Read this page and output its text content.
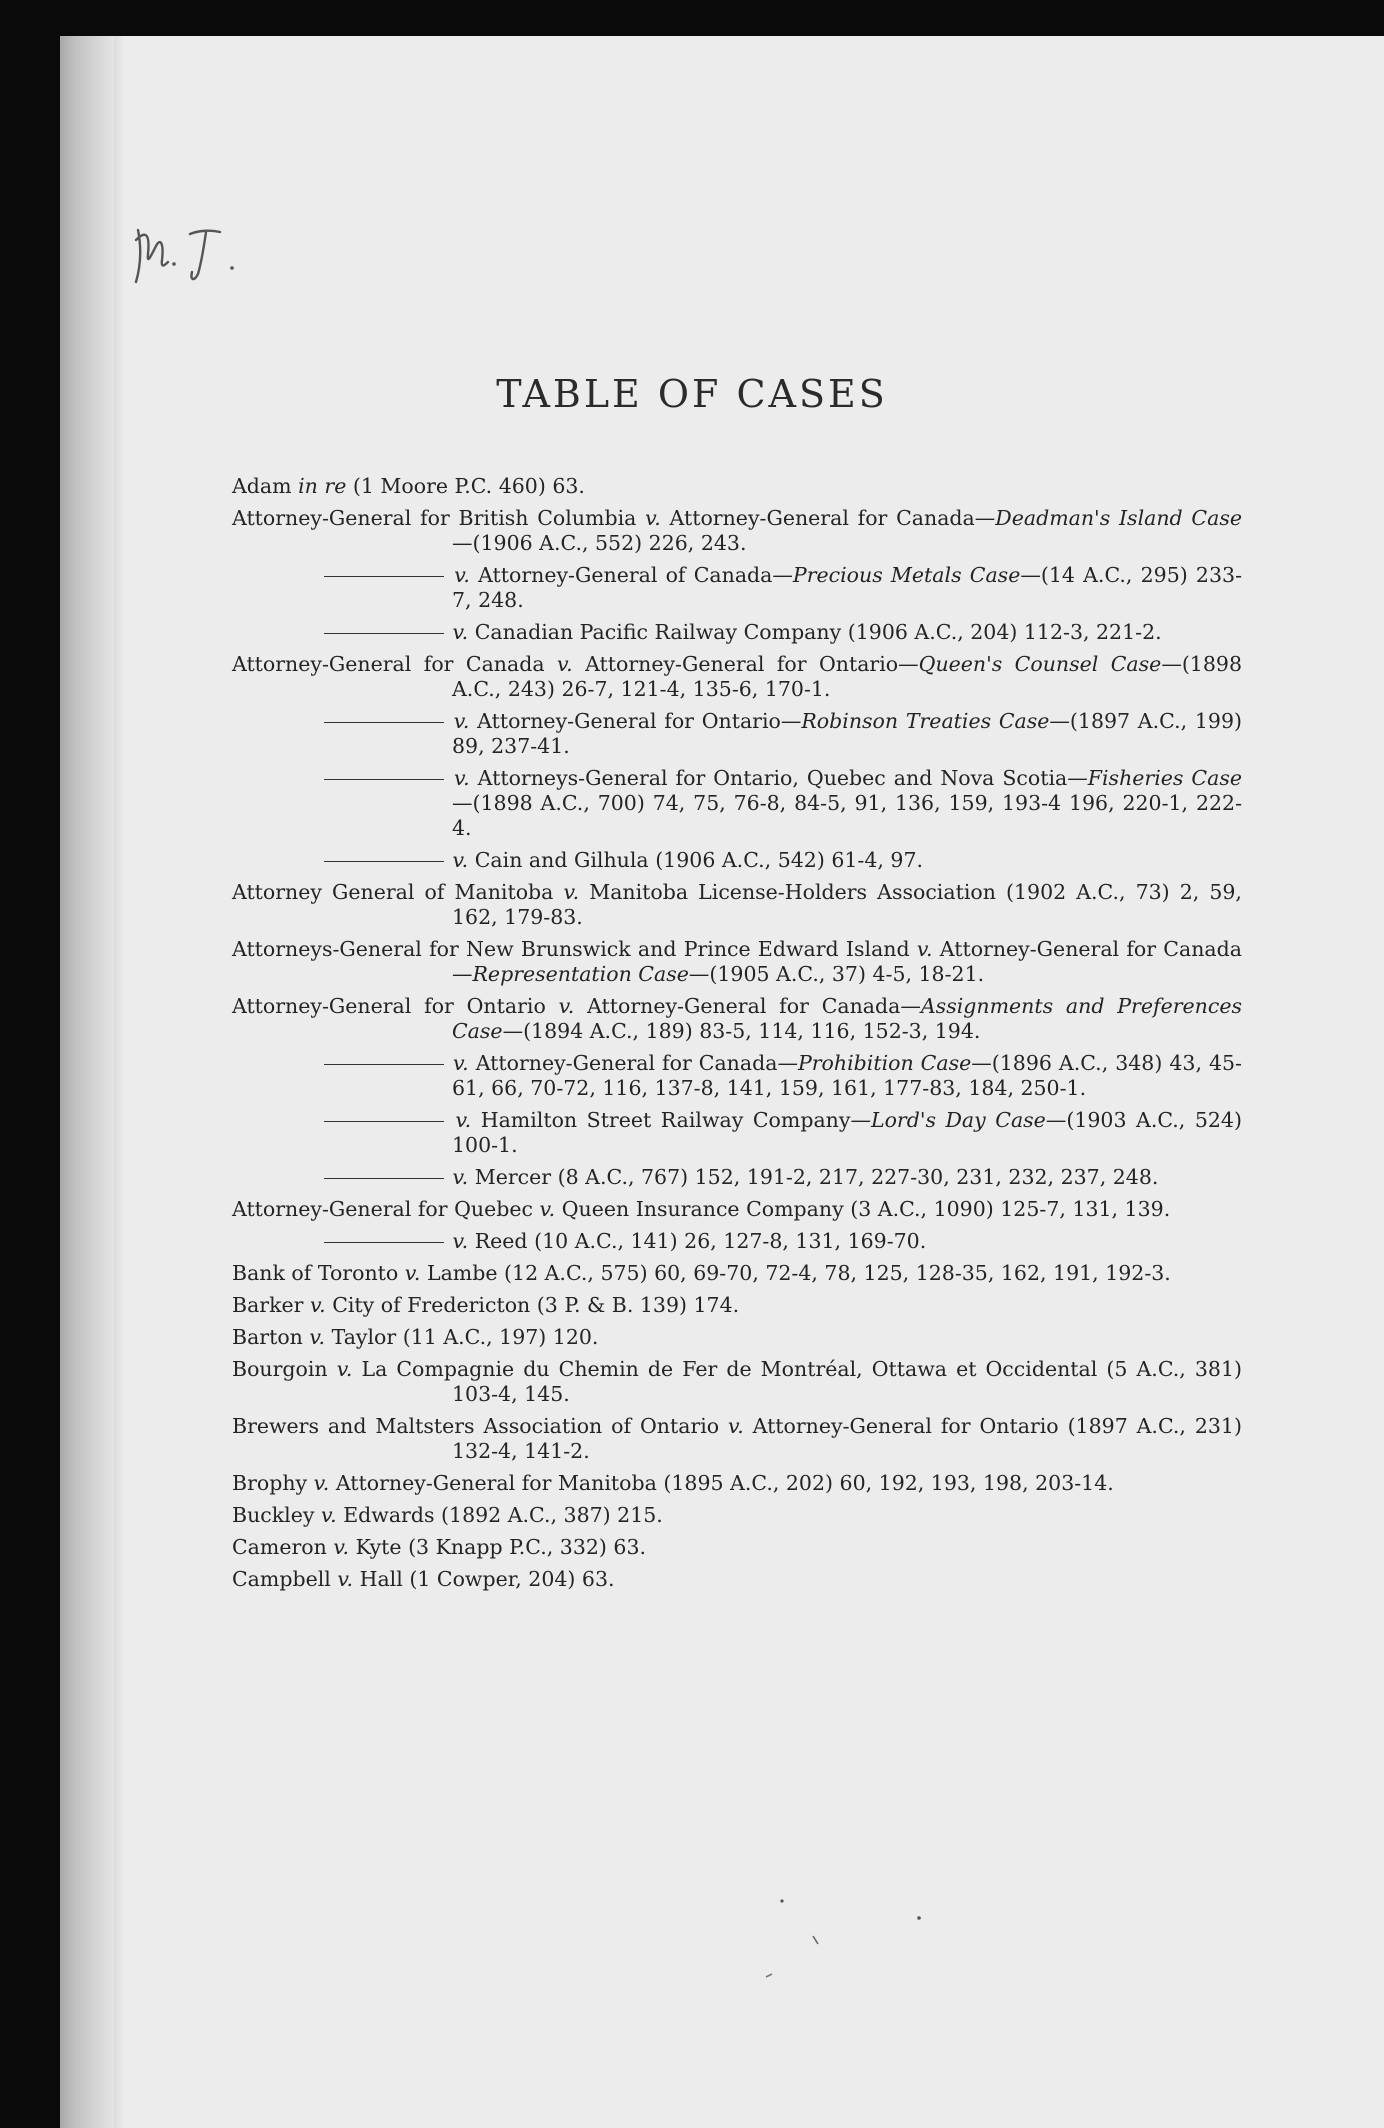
TABLE OF CASES
Adam in re (1 Moore P.C. 460) 63.
Attorney-General for British Columbia v. Attorney-General for Canada—Deadman's Island Case—(1906 A.C., 552) 226, 243.
v. Attorney-General of Canada—Precious Metals Case—(14 A.C., 295) 233-7, 248.
v. Canadian Pacific Railway Company (1906 A.C., 204) 112-3, 221-2.
Attorney-General for Canada v. Attorney-General for Ontario—Queen's Counsel Case—(1898 A.C., 243) 26-7, 121-4, 135-6, 170-1.
v. Attorney-General for Ontario—Robinson Treaties Case—(1897 A.C., 199) 89, 237-41.
v. Attorneys-General for Ontario, Quebec and Nova Scotia—Fisheries Case—(1898 A.C., 700) 74, 75, 76-8, 84-5, 91, 136, 159, 193-4 196, 220-1, 222-4.
v. Cain and Gilhula (1906 A.C., 542) 61-4, 97.
Attorney General of Manitoba v. Manitoba License-Holders Association (1902 A.C., 73) 2, 59, 162, 179-83.
Attorneys-General for New Brunswick and Prince Edward Island v. Attorney-General for Canada—Representation Case—(1905 A.C., 37) 4-5, 18-21.
Attorney-General for Ontario v. Attorney-General for Canada—Assignments and Preferences Case—(1894 A.C., 189) 83-5, 114, 116, 152-3, 194.
v. Attorney-General for Canada—Prohibition Case—(1896 A.C., 348) 43, 45-61, 66, 70-72, 116, 137-8, 141, 159, 161, 177-83, 184, 250-1.
v. Hamilton Street Railway Company—Lord's Day Case—(1903 A.C., 524) 100-1.
v. Mercer (8 A.C., 767) 152, 191-2, 217, 227-30, 231, 232, 237, 248.
Attorney-General for Quebec v. Queen Insurance Company (3 A.C., 1090) 125-7, 131, 139.
v. Reed (10 A.C., 141) 26, 127-8, 131, 169-70.
Bank of Toronto v. Lambe (12 A.C., 575) 60, 69-70, 72-4, 78, 125, 128-35, 162, 191, 192-3.
Barker v. City of Fredericton (3 P. & B. 139) 174.
Barton v. Taylor (11 A.C., 197) 120.
Bourgoin v. La Compagnie du Chemin de Fer de Montréal, Ottawa et Occidental (5 A.C., 381) 103-4, 145.
Brewers and Maltsters Association of Ontario v. Attorney-General for Ontario (1897 A.C., 231) 132-4, 141-2.
Brophy v. Attorney-General for Manitoba (1895 A.C., 202) 60, 192, 193, 198, 203-14.
Buckley v. Edwards (1892 A.C., 387) 215.
Cameron v. Kyte (3 Knapp P.C., 332) 63.
Campbell v. Hall (1 Cowper, 204) 63.
